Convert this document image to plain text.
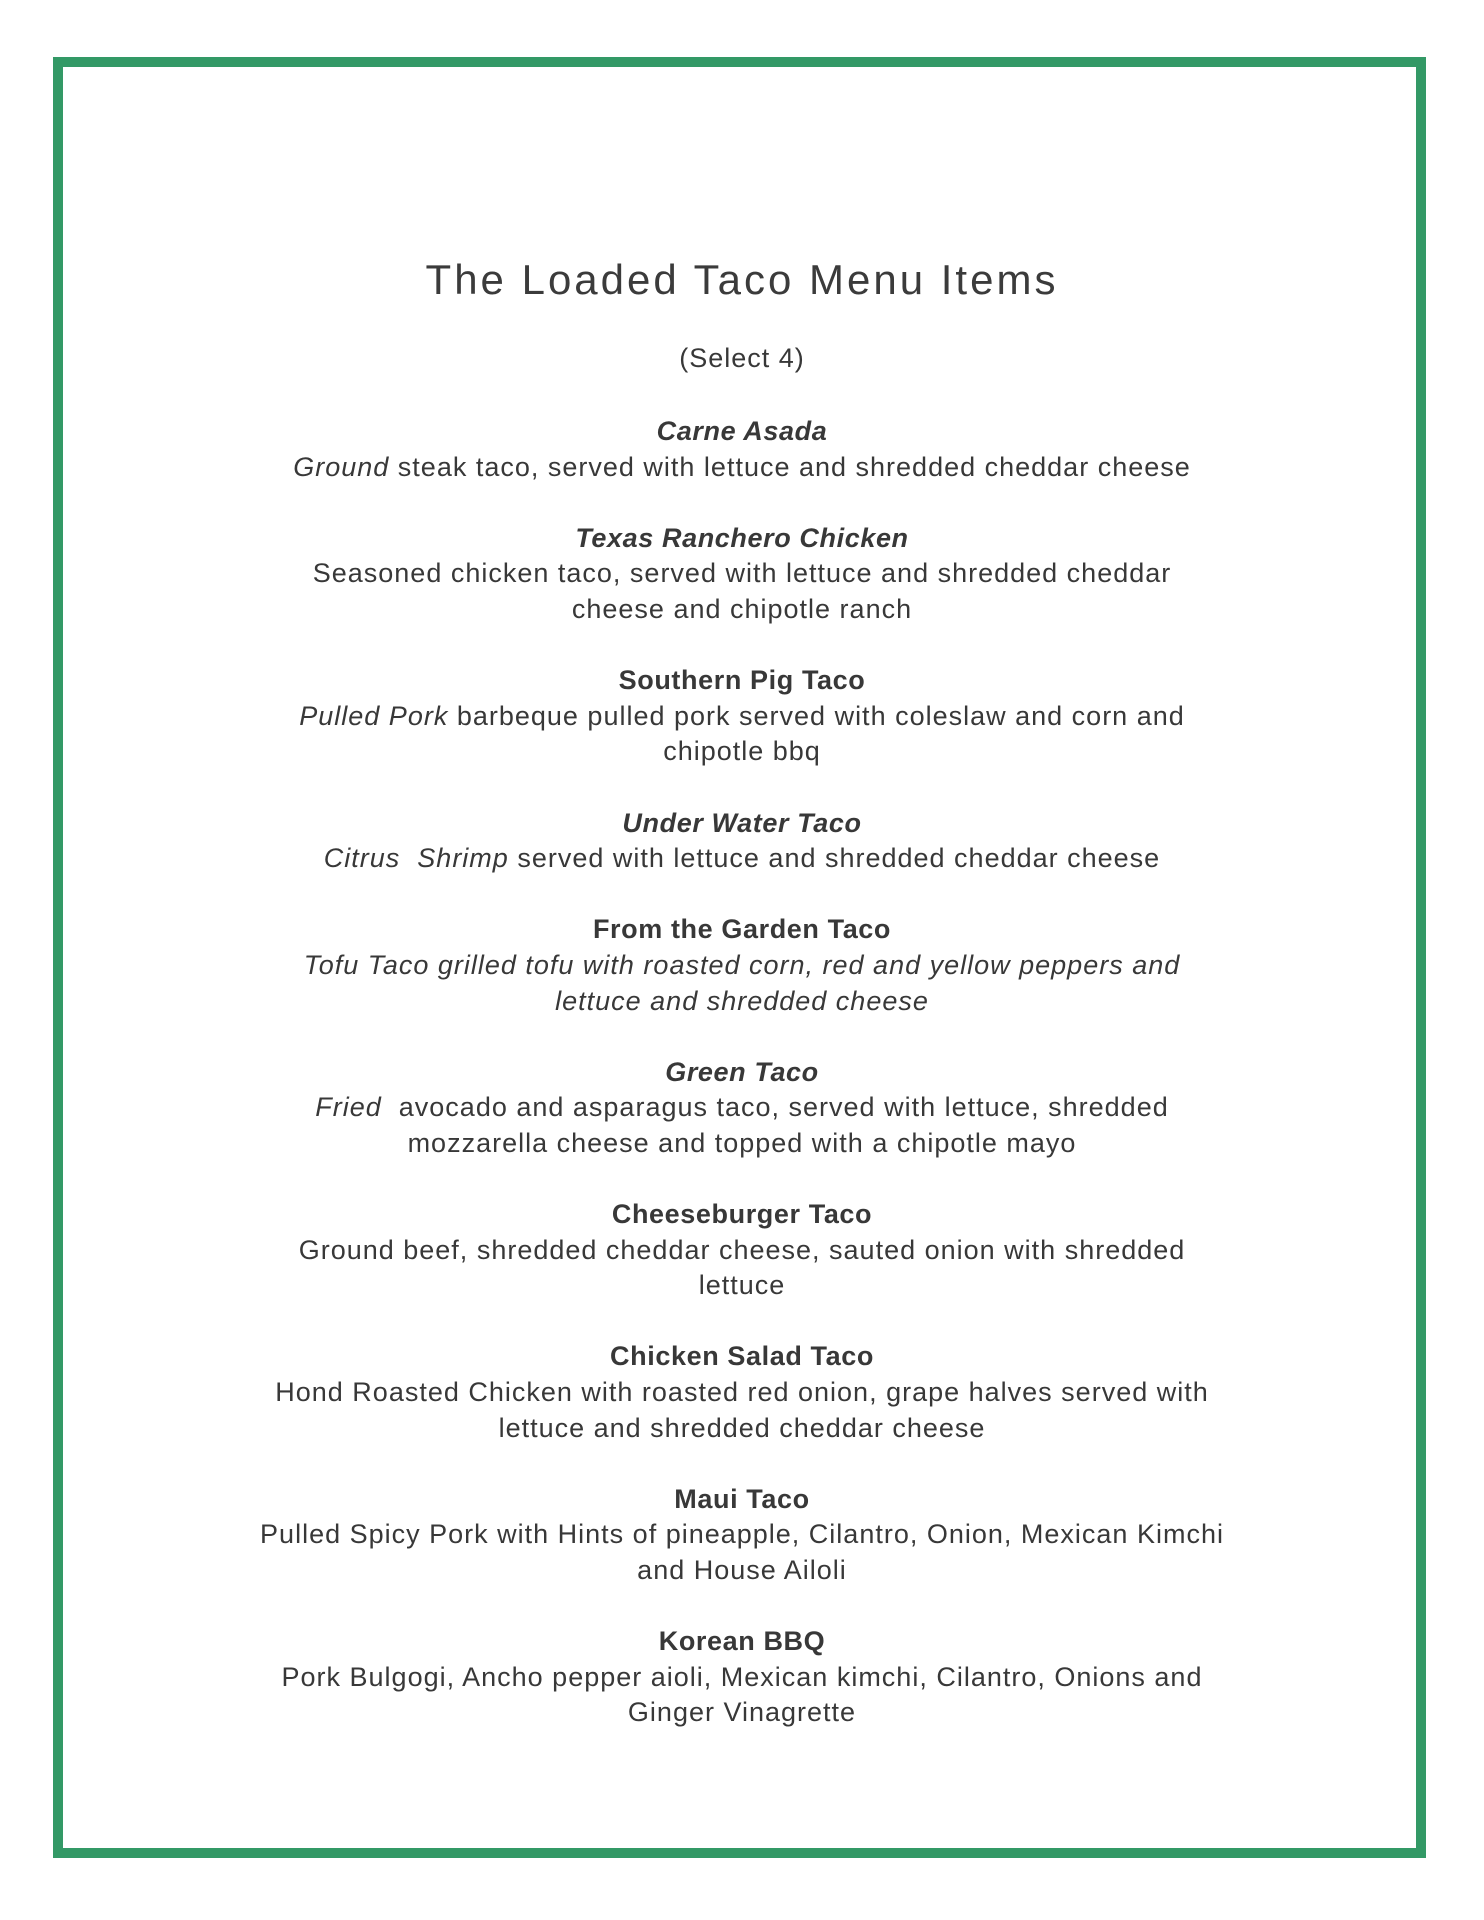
The Loaded Taco Menu Items
(Select 4)
Carne Asada
Ground steak taco, served with lettuce and shredded cheddar cheese
Texas Ranchero Chicken
Seasoned chicken taco, served with lettuce and shredded cheddar
cheese and chipotle ranch
Southern Pig Taco
Pulled Pork barbeque pulled pork served with coleslaw and corn and
chipotle bbq
Under Water Taco
Citrus  Shrimp served with lettuce and shredded cheddar cheese
From the Garden Taco
Tofu Taco grilled tofu with roasted corn, red and yellow peppers and
lettuce and shredded cheese
Green Taco
Fried  avocado and asparagus taco, served with lettuce, shredded
mozzarella cheese and topped with a chipotle mayo
Cheeseburger Taco
Ground beef, shredded cheddar cheese, sauted onion with shredded
lettuce
Chicken Salad Taco
Hond Roasted Chicken with roasted red onion, grape halves served with
lettuce and shredded cheddar cheese
Maui Taco
Pulled Spicy Pork with Hints of pineapple, Cilantro, Onion, Mexican Kimchi
and House Ailoli
Korean BBQ
Pork Bulgogi, Ancho pepper aioli, Mexican kimchi, Cilantro, Onions and
Ginger Vinagrette
